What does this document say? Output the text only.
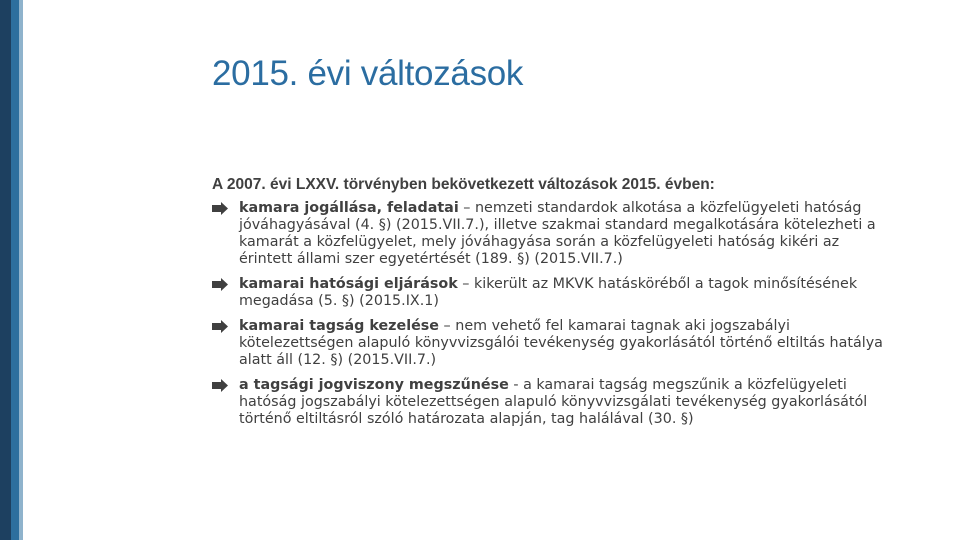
2015. évi változások
A 2007. évi LXXV. törvényben bekövetkezett változások 2015. évben:
kamara jogállása, feladatai – nemzeti standardok alkotása a közfelügyeleti hatóság jóváhagyásával (4. §) (2015.VII.7.), illetve szakmai standard megalkotására kötelezheti a kamarát a közfelügyelet, mely jóváhagyása során a közfelügyeleti hatóság kikéri az érintett állami szer egyetértését (189. §) (2015.VII.7.)
kamarai hatósági eljárások – kikerült az MKVK hatásköréből a tagok minősítésének megadása (5. §) (2015.IX.1)
kamarai tagság kezelése – nem vehető fel kamarai tagnak aki jogszabályi kötelezettségen alapuló könyvvizsgálói tevékenység gyakorlásától történő eltiltás hatálya alatt áll (12. §) (2015.VII.7.)
a tagsági jogviszony megszűnése - a kamarai tagság megszűnik a közfelügyeleti hatóság jogszabályi kötelezettségen alapuló könyvvizsgálati tevékenység gyakorlásától történő eltiltásról szóló határozata alapján, tag halálával (30. §)
